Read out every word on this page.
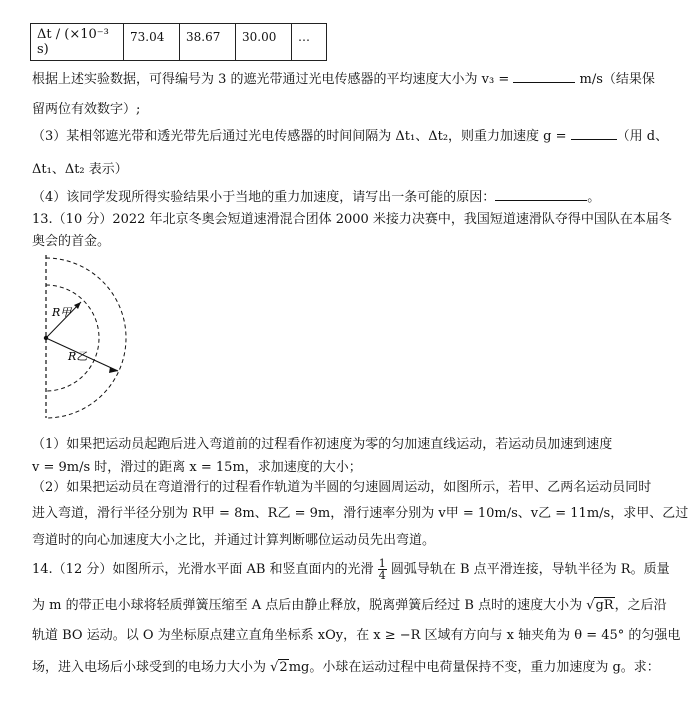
Δt / (×10⁻³ s)	73.04	38.67	30.00	…
根据上述实验数据，可得编号为 3 的遮光带通过光电传感器的平均速度大小为 v₃ =	m/s（结果保
留两位有效数字）;
（3）某相邻遮光带和透光带先后通过光电传感器的时间间隔为 Δt₁、Δt₂，则重力加速度 g =	（用 d、
Δt₁、Δt₂ 表示）
（4）该同学发现所得实验结果小于当地的重力加速度，请写出一条可能的原因：	。
13.（10 分）2022 年北京冬奥会短道速滑混合团体 2000 米接力决赛中，我国短道速滑队夺得中国队在本届冬
奥会的首金。
R甲
R乙
（1）如果把运动员起跑后进入弯道前的过程看作初速度为零的匀加速直线运动，若运动员加速到速度
v = 9m/s 时，滑过的距离 x = 15m，求加速度的大小；
（2）如果把运动员在弯道滑行的过程看作轨道为半圆的匀速圆周运动，如图所示，若甲、乙两名运动员同时
进入弯道，滑行半径分别为 R甲 = 8m、R乙 = 9m，滑行速率分别为 v甲 = 10m/s、v乙 = 11m/s，求甲、乙过
弯道时的向心加速度大小之比，并通过计算判断哪位运动员先出弯道。
14.（12 分）如图所示，光滑水平面 AB 和竖直面内的光滑 $\frac{1}{4}$ 圆弧导轨在 B 点平滑连接，导轨半径为 R。质量
为 m 的带正电小球将轻质弹簧压缩至 A 点后由静止释放，脱离弹簧后经过 B 点时的速度大小为 √gR，之后沿
轨道 BO 运动。以 O 为坐标原点建立直角坐标系 xOy，在 x ≥ −R 区域有方向与 x 轴夹角为 θ = 45° 的匀强电
场，进入电场后小球受到的电场力大小为 √2mg。小球在运动过程中电荷量保持不变，重力加速度为 g。求：
